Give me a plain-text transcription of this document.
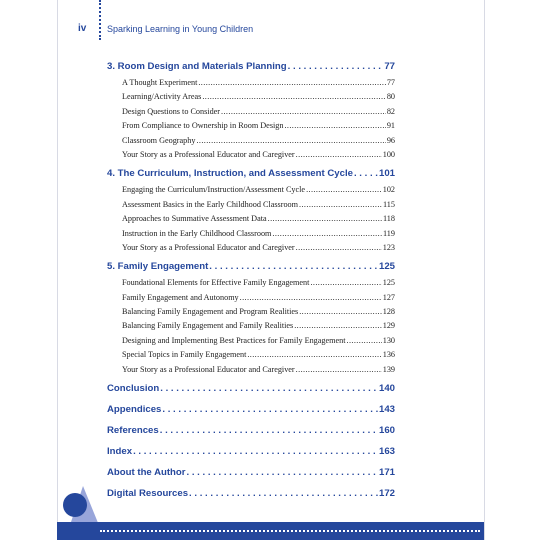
iv Sparking Learning in Young Children
3. Room Design and Materials Planning . . .	77
A Thought Experiment .....	77
Learning/Activity Areas .....	80
Design Questions to Consider .....	82
From Compliance to Ownership in Room Design .....	91
Classroom Geography .....	96
Your Story as a Professional Educator and Caregiver .....	100
4. The Curriculum, Instruction, and Assessment Cycle . . .	101
Engaging the Curriculum/Instruction/Assessment Cycle .....	102
Assessment Basics in the Early Childhood Classroom .....	115
Approaches to Summative Assessment Data .....	118
Instruction in the Early Childhood Classroom .....	119
Your Story as a Professional Educator and Caregiver .....	123
5. Family Engagement . . .	125
Foundational Elements for Effective Family Engagement .....	125
Family Engagement and Autonomy .....	127
Balancing Family Engagement and Program Realities .....	128
Balancing Family Engagement and Family Realities .....	129
Designing and Implementing Best Practices for Family Engagement .....	130
Special Topics in Family Engagement .....	136
Your Story as a Professional Educator and Caregiver .....	139
Conclusion . . .	140
Appendices . . .	143
References . . .	160
Index . . .	163
About the Author . . .	171
Digital Resources . . .	172
